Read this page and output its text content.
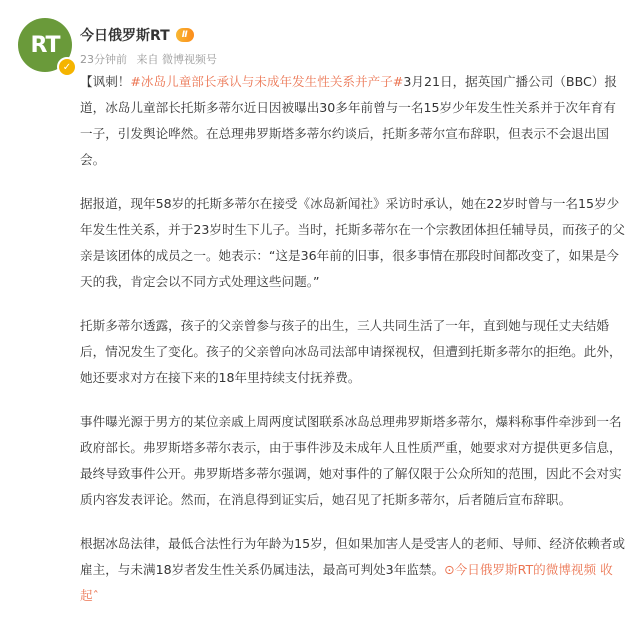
RT
✓
今日俄罗斯RT	Ⅱ
23分钟前 来自 微博视频号

【讽刺！#冰岛儿童部长承认与未成年发生性关系并产子#3月21日，据英国广播公司（BBC）报道，冰岛儿童部长托斯多蒂尔近日因被曝出30多年前曾与一名15岁少年发生性关系并于次年育有一子，引发舆论哗然。在总理弗罗斯塔多蒂尔约谈后，托斯多蒂尔宣布辞职，但表示不会退出国会。

据报道，现年58岁的托斯多蒂尔在接受《冰岛新闻社》采访时承认，她在22岁时曾与一名15岁少年发生性关系，并于23岁时生下儿子。当时，托斯多蒂尔在一个宗教团体担任辅导员，而孩子的父亲是该团体的成员之一。她表示：“这是36年前的旧事，很多事情在那段时间都改变了，如果是今天的我，肯定会以不同方式处理这些问题。”

托斯多蒂尔透露，孩子的父亲曾参与孩子的出生，三人共同生活了一年，直到她与现任丈夫结婚后，情况发生了变化。孩子的父亲曾向冰岛司法部申请探视权，但遭到托斯多蒂尔的拒绝。此外，她还要求对方在接下来的18年里持续支付抚养费。

事件曝光源于男方的某位亲戚上周两度试图联系冰岛总理弗罗斯塔多蒂尔，爆料称事件牵涉到一名政府部长。弗罗斯塔多蒂尔表示，由于事件涉及未成年人且性质严重，她要求对方提供更多信息，最终导致事件公开。弗罗斯塔多蒂尔强调，她对事件的了解仅限于公众所知的范围，因此不会对实质内容发表评论。然而，在消息得到证实后，她召见了托斯多蒂尔，后者随后宣布辞职。

根据冰岛法律，最低合法性行为年龄为15岁，但如果加害人是受害人的老师、导师、经济依赖者或雇主，与未满18岁者发生性关系仍属违法，最高可判处3年监禁。⊙今日俄罗斯RT的微博视频 收起ˆ
